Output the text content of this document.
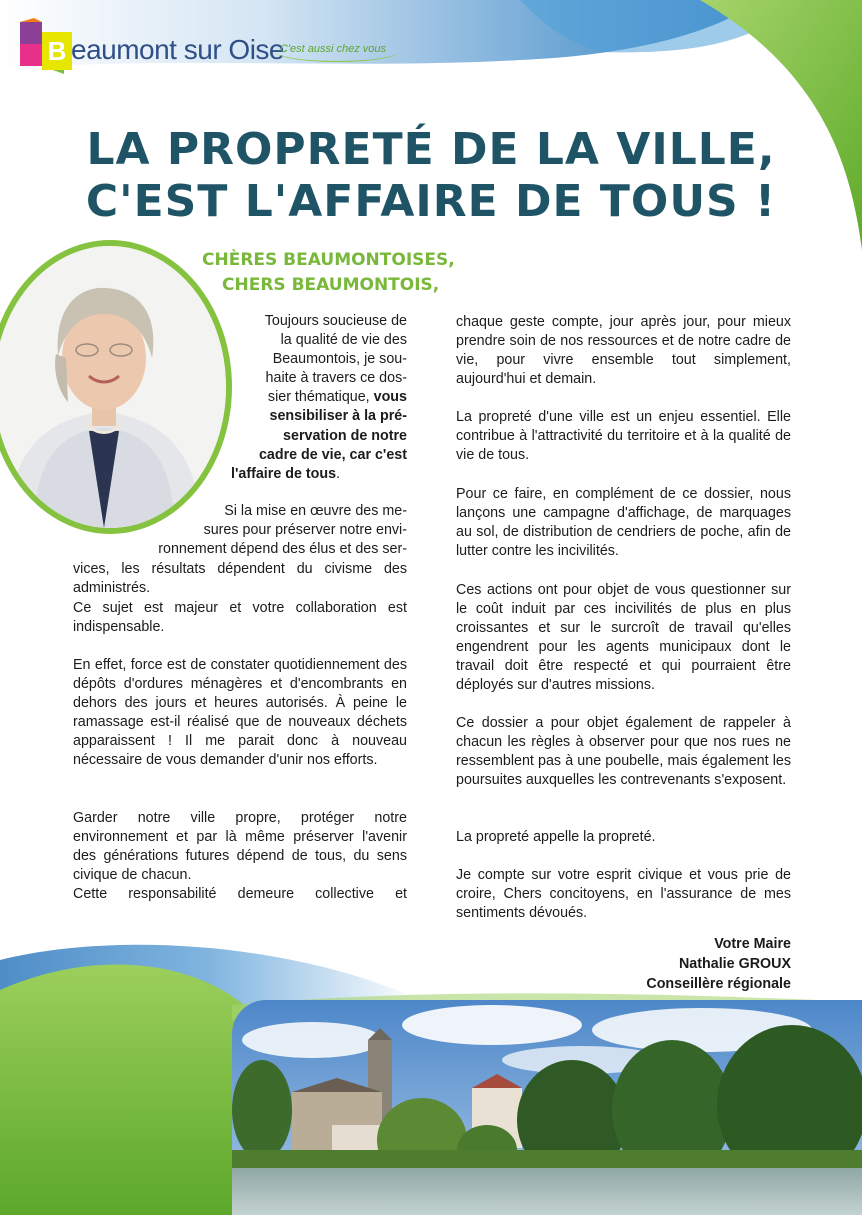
B eaumont sur Oise
C'est aussi chez vous
LA PROPRETÉ DE LA VILLE,
C'EST L'AFFAIRE DE TOUS !
CHÈRES BEAUMONTOISES,
CHERS BEAUMONTOIS,
Toujours soucieuse de
la qualité de vie des
Beaumontois, je sou-
haite à travers ce dos-
sier thématique, vous
sensibiliser à la pré-
servation de notre
cadre de vie, car c'est
l'affaire de tous.
Si la mise en œuvre des me-
sures pour préserver notre envi-
ronnement dépend des élus et des ser-
vices, les résultats dépendent du civisme des administrés.
Ce sujet est majeur et votre collaboration est indispensable.
En effet, force est de constater quotidiennement des dépôts d'ordures ménagères et d'encombrants en dehors des jours et heures autorisés. À peine le ramassage est-il réalisé que de nouveaux déchets apparaissent ! Il me parait donc à nouveau nécessaire de vous demander d'unir nos efforts.
Garder notre ville propre, protéger notre environnement et par là même préserver l'avenir des générations futures dépend de tous, du sens civique de chacun.
Cette responsabilité demeure collective et
chaque geste compte, jour après jour, pour mieux prendre soin de nos ressources et de notre cadre de vie, pour vivre ensemble tout simplement, aujourd'hui et demain.
La propreté d'une ville est un enjeu essentiel. Elle contribue à l'attractivité du territoire et à la qualité de vie de tous.
Pour ce faire, en complément de ce dossier, nous lançons une campagne d'affichage, de marquages au sol, de distribution de cendriers de poche, afin de lutter contre les incivilités.
Ces actions ont pour objet de vous questionner sur le coût induit par ces incivilités de plus en plus croissantes et sur le surcroît de travail qu'elles engendrent pour les agents municipaux dont le travail doit être respecté et qui pourraient être déployés sur d'autres missions.
Ce dossier a pour objet également de rappeler à chacun les règles à observer pour que nos rues ne ressemblent pas à une poubelle, mais également les poursuites auxquelles les contrevenants s'exposent.
La propreté appelle la propreté.
Je compte sur votre esprit civique et vous prie de croire, Chers concitoyens, en l'assurance de mes sentiments dévoués.
Votre Maire
Nathalie GROUX
Conseillère régionale
